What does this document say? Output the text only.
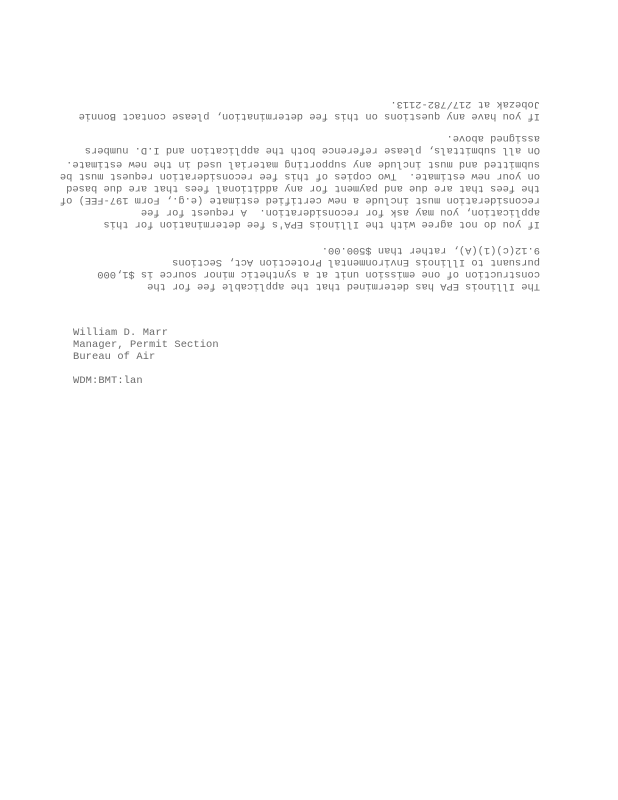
The Illinois EPA has determined that the applicable fee for the
construction of one emission unit at a synthetic minor source is $1,000
pursuant to Illinois Environmental Protection Act, Sections
9.12(c)(1)(A), rather than $500.00.
If you do not agree with the Illinois EPA's fee determination for this
application, you may ask for reconsideration.  A request for fee
reconsideration must include a new certified estimate (e.g., Form 197-FEE) of
the fees that are due and payment for any additional fees that are due based
on your new estimate.  Two copies of this fee reconsideration request must be
submitted and must include any supporting material used in the new estimate.
On all submittals, please reference both the application and I.D. numbers
assigned above.
If you have any questions on this fee determination, please contact Bonnie
Jobezak at 217/782-2113.
William D. Marr
Manager, Permit Section
Bureau of Air
WDM:BMT:lan
